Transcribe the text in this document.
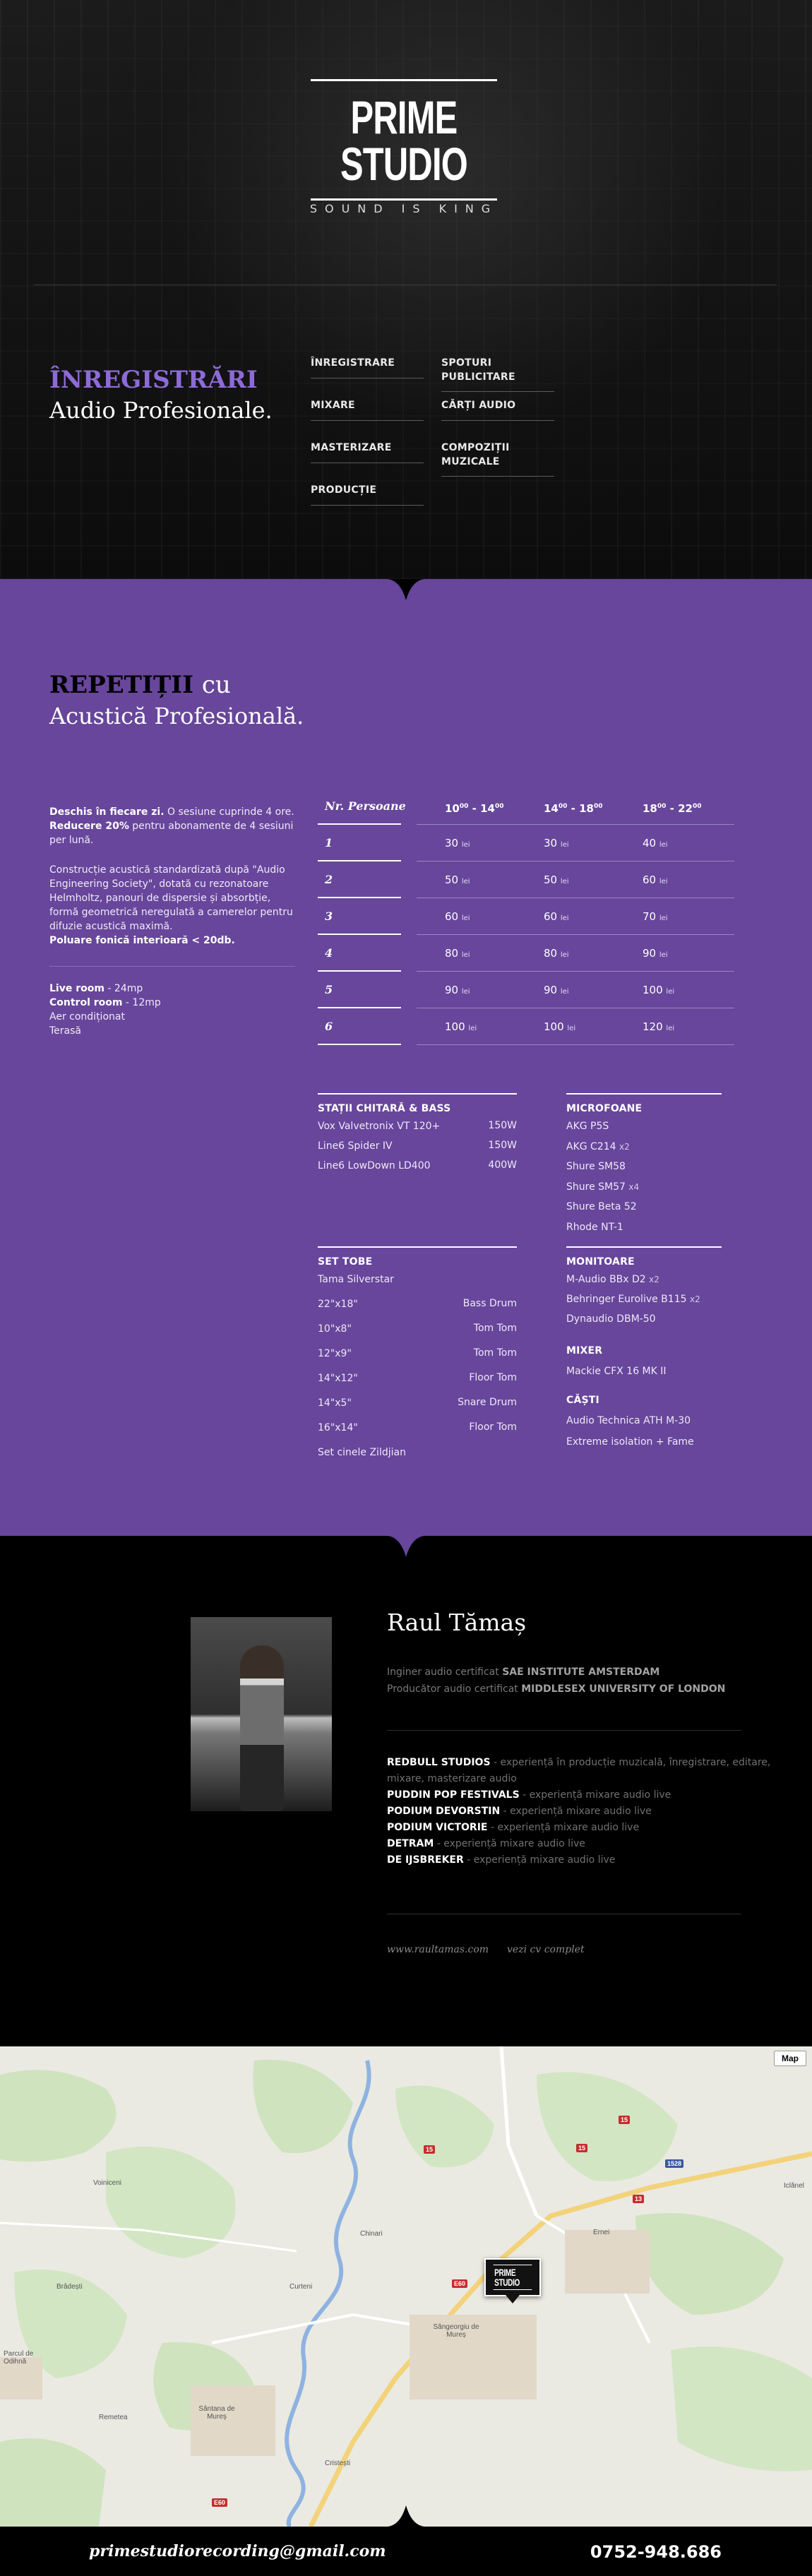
PRIME STUDIO
SOUND IS KING
ÎNREGISTRĂRI
Audio Profesionale.
ÎNREGISTRARE
MIXARE
MASTERIZARE
PRODUCȚIE
SPOTURI PUBLICITARE
CĂRȚI AUDIO
COMPOZIȚII MUZICALE
REPETIȚII cu
Acustică Profesională.
Deschis în fiecare zi. O sesiune cuprinde 4 ore.
Reducere 20% pentru abonamente de 4 sesiuni per lună.
Construcție acustică standardizată după "Audio Engineering Society", dotată cu rezonatoare Helmholtz, panouri de dispersie și absorbție, formă geometrică neregulată a camerelor pentru difuzie acustică maximă.
Poluare fonică interioară < 20db.
Live room - 24mp
Control room - 12mp
Aer condiționat
Terasă
Nr. Persoane	$10^{00} - 14^{00}$	$14^{00} - 18^{00}$	$18^{00} - 22^{00}$
1	30 lei	30 lei	40 lei
2	50 lei	50 lei	60 lei
3	60 lei	60 lei	70 lei
4	80 lei	80 lei	90 lei
5	90 lei	90 lei	100 lei
6	100 lei	100 lei	120 lei
STAȚII CHITARĂ & BASS
Vox Valvetronix VT 120+	150W
Line6 Spider IV	150W
Line6 LowDown LD400	400W
SET TOBE
Tama Silverstar
22"x18"	Bass Drum
10"x8"	Tom Tom
12"x9"	Tom Tom
14"x12"	Floor Tom
14"x5"	Snare Drum
16"x14"	Floor Tom
Set cinele Zildjian
MICROFOANE
AKG P5S
AKG C214 x2
Shure SM58
Shure SM57 x4
Shure Beta 52
Rhode NT-1
MONITOARE
M-Audio BBx D2 x2
Behringer Eurolive B115 x2
Dynaudio DBM-50
MIXER
Mackie CFX 16 MK II
CĂȘTI
Audio Technica ATH M-30
Extreme isolation + Fame
Raul Tămaș
Inginer audio certificat SAE INSTITUTE AMSTERDAM
Producător audio certificat MIDDLESEX UNIVERSITY OF LONDON
REDBULL STUDIOS - experiență în producție muzicală, înregistrare, editare,
mixare, masterizare audio
PUDDIN POP FESTIVALS - experiență mixare audio live
PODIUM DEVORSTIN - experiență mixare audio live
PODIUM VICTORIE - experiență mixare audio live
DETRAM - experiență mixare audio live
DE IJSBREKER - experiență mixare audio live
www.raultamas.com vezi cv complet
Map
Voiniceni
Brâdești
Chinari
Curteni
Sângeorgiu de Mureș
Ernei
Iclănel
Sântana de Mureș
Remetea
Cristești
Parcul de Odihnă
15	15
13
15
E60
E60
1528
PRIME STUDIO
primestudiorecording@gmail.com	0752-948.686
